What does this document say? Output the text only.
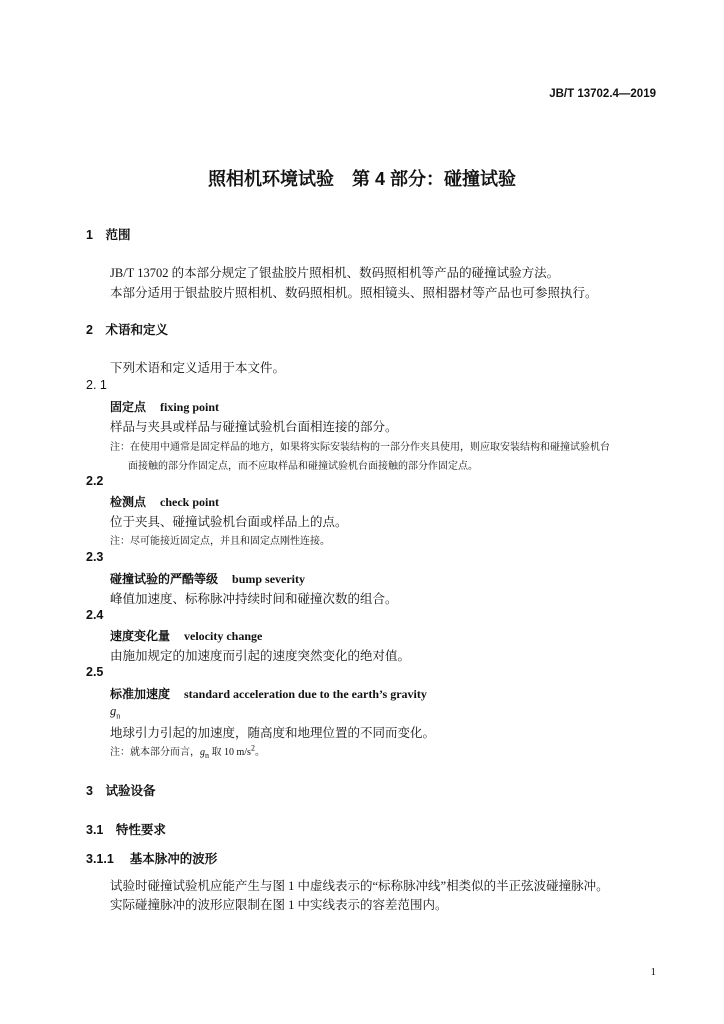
JB/T 13702.4—2019
照相机环境试验　第 4 部分：碰撞试验
1　范围
JB/T 13702 的本部分规定了银盐胶片照相机、数码照相机等产品的碰撞试验方法。
本部分适用于银盐胶片照相机、数码照相机。照相镜头、照相器材等产品也可参照执行。
2　术语和定义
下列术语和定义适用于本文件。
2. 1
固定点 fixing point
样品与夹具或样品与碰撞试验机台面相连接的部分。
注：在使用中通常是固定样品的地方，如果将实际安装结构的一部分作夹具使用，则应取安装结构和碰撞试验机台
面接触的部分作固定点，而不应取样品和碰撞试验机台面接触的部分作固定点。
2.2
检测点 check point
位于夹具、碰撞试验机台面或样品上的点。
注：尽可能接近固定点，并且和固定点刚性连接。
2.3
碰撞试验的严酷等级 bump severity
峰值加速度、标称脉冲持续时间和碰撞次数的组合。
2.4
速度变化量 velocity change
由施加规定的加速度而引起的速度突然变化的绝对值。
2.5
标准加速度 standard acceleration due to the earth’s gravity
$g_n$
地球引力引起的加速度，随高度和地理位置的不同而变化。
注：就本部分而言，$g_n$ 取 10 $m/s^2$。
3　试验设备
3.1　特性要求
3.1.1　 基本脉冲的波形
试验时碰撞试验机应能产生与图 1 中虚线表示的“标称脉冲线”相类似的半正弦波碰撞脉冲。
实际碰撞脉冲的波形应限制在图 1 中实线表示的容差范围内。
1
